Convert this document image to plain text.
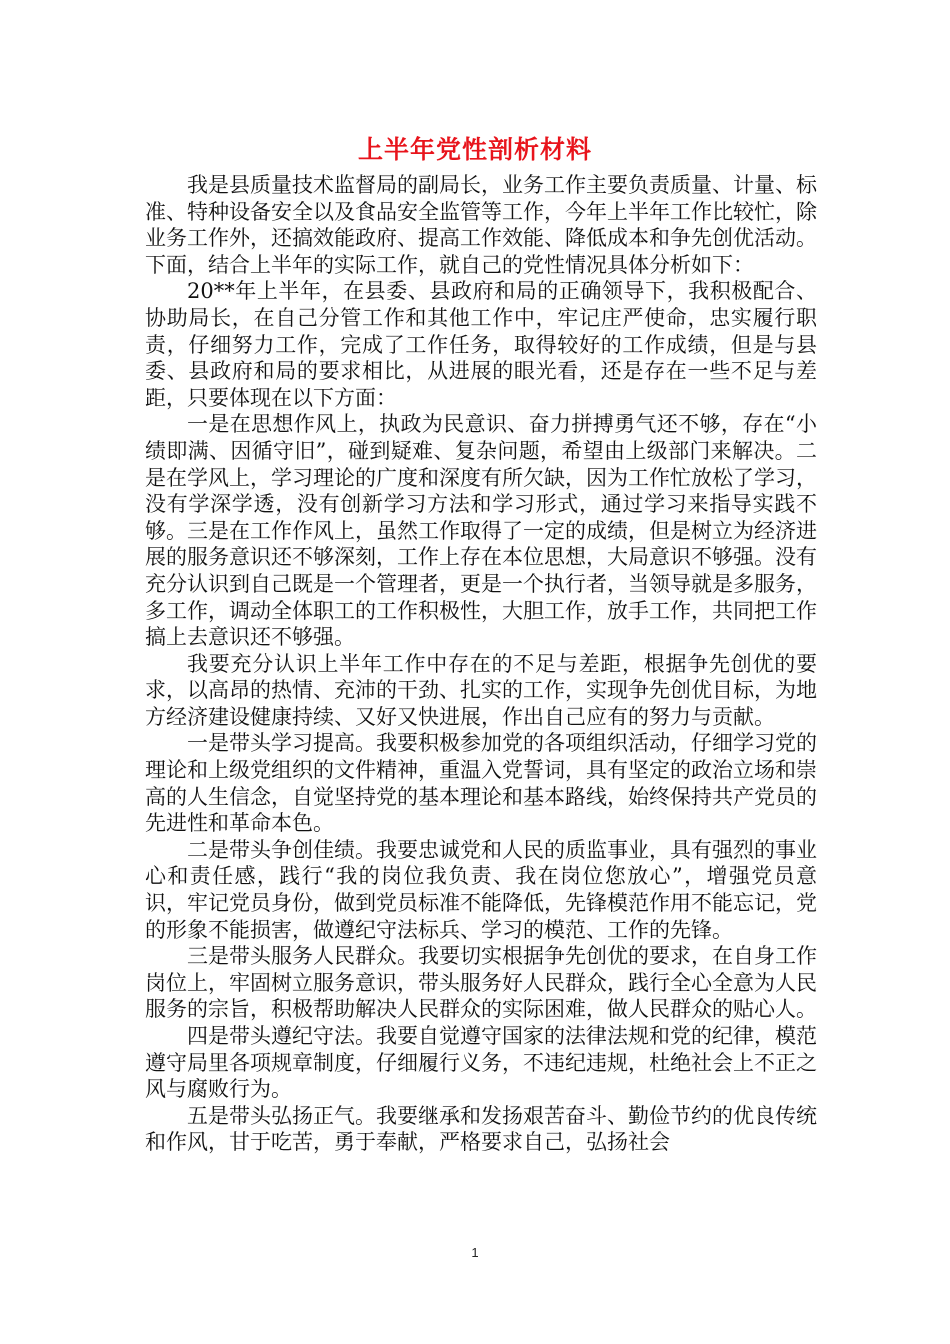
上半年党性剖析材料

我是县质量技术监督局的副局长，业务工作主要负责质量、计量、标准、特种设备安全以及食品安全监管等工作，今年上半年工作比较忙，除业务工作外，还搞效能政府、提高工作效能、降低成本和争先创优活动。下面，结合上半年的实际工作，就自己的党性情况具体分析如下：

20**年上半年，在县委、县政府和局的正确领导下，我积极配合、协助局长，在自己分管工作和其他工作中，牢记庄严使命，忠实履行职责，仔细努力工作，完成了工作任务，取得较好的工作成绩，但是与县委、县政府和局的要求相比，从进展的眼光看，还是存在一些不足与差距，只要体现在以下方面：

一是在思想作风上，执政为民意识、奋力拼搏勇气还不够，存在“小绩即满、因循守旧”，碰到疑难、复杂问题，希望由上级部门来解决。二是在学风上，学习理论的广度和深度有所欠缺，因为工作忙放松了学习，没有学深学透，没有创新学习方法和学习形式，通过学习来指导实践不够。三是在工作作风上，虽然工作取得了一定的成绩，但是树立为经济进展的服务意识还不够深刻，工作上存在本位思想，大局意识不够强。没有充分认识到自己既是一个管理者，更是一个执行者，当领导就是多服务，多工作，调动全体职工的工作积极性，大胆工作，放手工作，共同把工作搞上去意识还不够强。

我要充分认识上半年工作中存在的不足与差距，根据争先创优的要求，以高昂的热情、充沛的干劲、扎实的工作，实现争先创优目标，为地方经济建设健康持续、又好又快进展，作出自己应有的努力与贡献。

一是带头学习提高。我要积极参加党的各项组织活动，仔细学习党的理论和上级党组织的文件精神，重温入党誓词，具有坚定的政治立场和崇高的人生信念，自觉坚持党的基本理论和基本路线，始终保持共产党员的先进性和革命本色。

二是带头争创佳绩。我要忠诚党和人民的质监事业，具有强烈的事业心和责任感，践行“我的岗位我负责、我在岗位您放心”，增强党员意识，牢记党员身份，做到党员标准不能降低，先锋模范作用不能忘记，党的形象不能损害，做遵纪守法标兵、学习的模范、工作的先锋。

三是带头服务人民群众。我要切实根据争先创优的要求，在自身工作岗位上，牢固树立服务意识，带头服务好人民群众，践行全心全意为人民服务的宗旨，积极帮助解决人民群众的实际困难，做人民群众的贴心人。

四是带头遵纪守法。我要自觉遵守国家的法律法规和党的纪律，模范遵守局里各项规章制度，仔细履行义务，不违纪违规，杜绝社会上不正之风与腐败行为。

五是带头弘扬正气。我要继承和发扬艰苦奋斗、勤俭节约的优良传统和作风，甘于吃苦，勇于奉献，严格要求自己，弘扬社会

1
